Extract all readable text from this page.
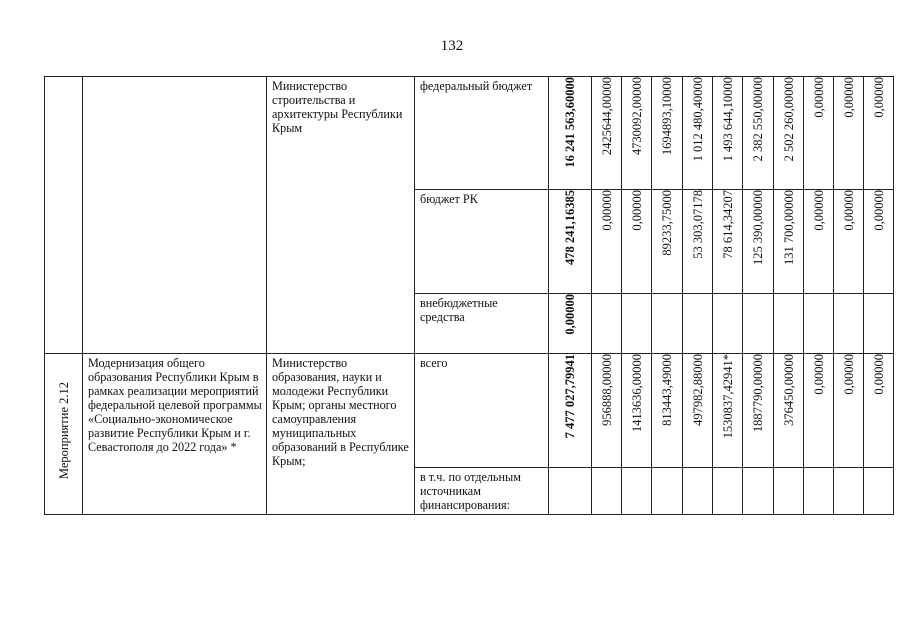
132

		Министерство строительства и архитектуры Республики Крым	федеральный бюджет	16 241 563,60000	2425644,00000	4730092,00000	1694893,10000	1 012 480,40000	1 493 644,10000	2 382 550,00000	2 502 260,00000	0,00000	0,00000	0,00000

			бюджет РК	478 241,16385	0,00000	0,00000	89233,75000	53 303,07178	78 614,34207	125 390,00000	131 700,00000	0,00000	0,00000	0,00000

			внебюджетные средства	0,00000										
Мероприятие 2.12	Модернизация общего образования Республики Крым в рамках реализации мероприятий федеральной целевой программы «Социально-экономическое развитие Республики Крым и г. Севастополя до 2022 года» *	Министерство образования, науки и молодежи Республики Крым; органы местного самоуправления муниципальных образований в Республике Крым;	всего	7 477 027,79941	956888,00000	1413636,00000	813443,49000	497982,88000	1530837,42941*	1887790,00000	376450,00000	0,00000	0,00000	0,00000

			в т.ч. по отдельным источникам финансирования:											
